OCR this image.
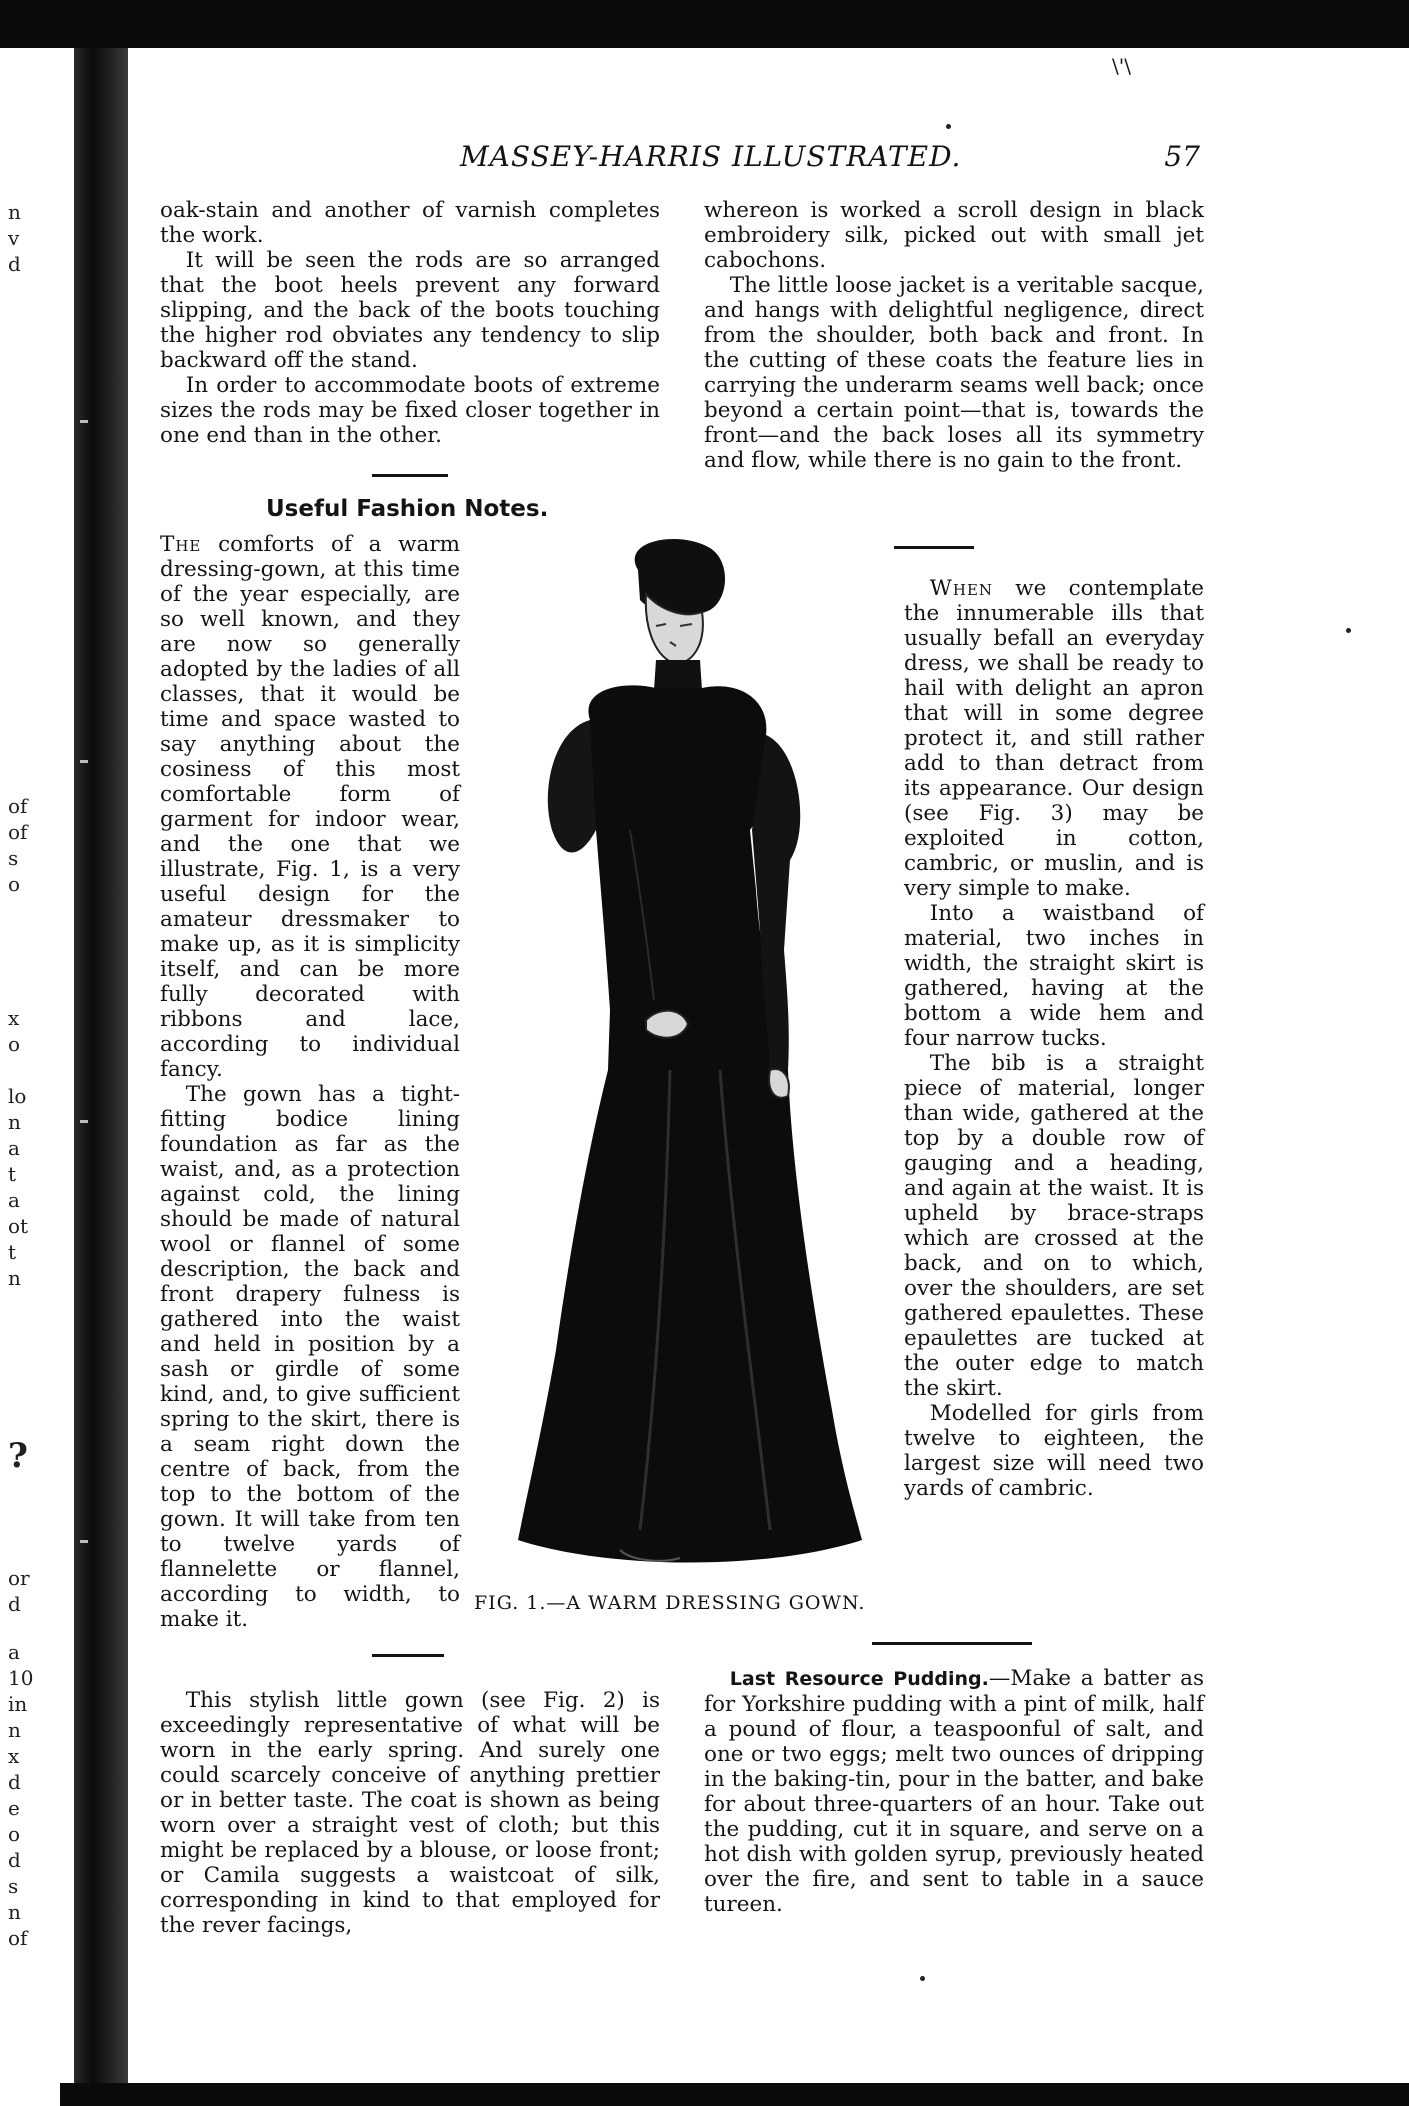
n
v
d
of
of
s
o
x
o
lo
n
a
t
a
ot
t
n
?
or
d
a
10
in
n
x
d
e
o
d
s
n
of
\'\
MASSEY-HARRIS ILLUSTRATED.	57

oak-stain and another of varnish completes the work.

It will be seen the rods are so arranged that the boot heels prevent any forward slipping, and the back of the boots touching the higher rod obviates any tendency to slip backward off the stand.

In order to accommodate boots of extreme sizes the rods may be fixed closer together in one end than in the other.

Useful Fashion Notes.

The comforts of a warm dressing-gown, at this time of the year especially, are so well known, and they are now so generally adopted by the ladies of all classes, that it would be time and space wasted to say anything about the cosiness of this most comfortable form of garment for indoor wear, and the one that we illustrate, Fig. 1, is a very useful design for the amateur dressmaker to make up, as it is simplicity itself, and can be more fully decorated with ribbons and lace, according to individual fancy.

The gown has a tight-fitting bodice lining foundation as far as the waist, and, as a protection against cold, the lining should be made of natural wool or flannel of some description, the back and front drapery fulness is gathered into the waist and held in position by a sash or girdle of some kind, and, to give sufficient spring to the skirt, there is a seam right down the centre of back, from the top to the bottom of the gown. It will take from ten to twelve yards of flannelette or flannel, according to width, to make it.

whereon is worked a scroll design in black embroidery silk, picked out with small jet cabochons.

The little loose jacket is a veritable sacque, and hangs with delightful negligence, direct from the shoulder, both back and front. In the cutting of these coats the feature lies in carrying the underarm seams well back; once beyond a certain point—that is, towards the front—and the back loses all its symmetry and flow, while there is no gain to the front.

When we contemplate the innumerable ills that usually befall an everyday dress, we shall be ready to hail with delight an apron that will in some degree protect it, and still rather add to than detract from its appearance. Our design (see Fig. 3) may be exploited in cotton, cambric, or muslin, and is very simple to make.

Into a waistband of material, two inches in width, the straight skirt is gathered, having at the bottom a wide hem and four narrow tucks.

The bib is a straight piece of material, longer than wide, gathered at the top by a double row of gauging and a heading, and again at the waist. It is upheld by brace-straps which are crossed at the back, and on to which, over the shoulders, are set gathered epaulettes. These epaulettes are tucked at the outer edge to match the skirt.

Modelled for girls from twelve to eighteen, the largest size will need two yards of cambric.

FIG. 1.—A WARM DRESSING GOWN.

This stylish little gown (see Fig. 2) is exceedingly representative of what will be worn in the early spring. And surely one could scarcely conceive of anything prettier or in better taste. The coat is shown as being worn over a straight vest of cloth; but this might be replaced by a blouse, or loose front; or Camila suggests a waistcoat of silk, corresponding in kind to that employed for the rever facings,

Last Resource Pudding.—Make a batter as for Yorkshire pudding with a pint of milk, half a pound of flour, a teaspoonful of salt, and one or two eggs; melt two ounces of dripping in the baking-tin, pour in the batter, and bake for about three-quarters of an hour. Take out the pudding, cut it in square, and serve on a hot dish with golden syrup, previously heated over the fire, and sent to table in a sauce tureen.
